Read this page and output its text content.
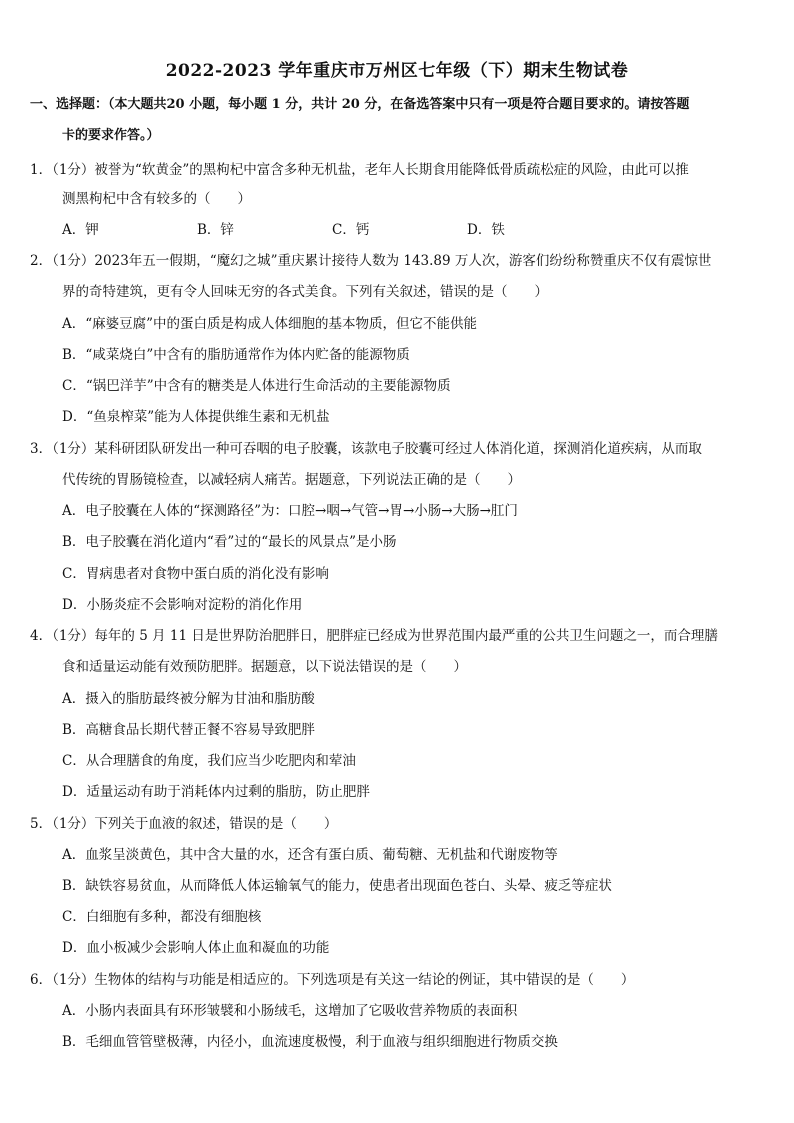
2022-2023 学年重庆市万州区七年级（下）期末生物试卷
一、选择题：（本大题共20 小题，每小题 1 分，共计 20 分，在备选答案中只有一项是符合题目要求的。请按答题
卡的要求作答。）
1．（1分）被誉为“软黄金”的黑枸杞中富含多种无机盐，老年人长期食用能降低骨质疏松症的风险，由此可以推
测黑枸杞中含有较多的（　　）
A．钾	B．锌	C．钙	D．铁
2．（1分）2023年五一假期，“魔幻之城”重庆累计接待人数为 143.89 万人次，游客们纷纷称赞重庆不仅有震惊世
界的奇特建筑，更有令人回味无穷的各式美食。下列有关叙述，错误的是（　　）
A．“麻婆豆腐”中的蛋白质是构成人体细胞的基本物质，但它不能供能
B．“咸菜烧白”中含有的脂肪通常作为体内贮备的能源物质
C．“锅巴洋芋”中含有的糖类是人体进行生命活动的主要能源物质
D．“鱼泉榨菜”能为人体提供维生素和无机盐
3．（1分）某科研团队研发出一种可吞咽的电子胶囊，该款电子胶囊可经过人体消化道，探测消化道疾病，从而取
代传统的胃肠镜检查，以减轻病人痛苦。据题意，下列说法正确的是（　　）
A．电子胶囊在人体的“探测路径”为：口腔→咽→气管→胃→小肠→大肠→肛门
B．电子胶囊在消化道内“看”过的“最长的风景点”是小肠
C．胃病患者对食物中蛋白质的消化没有影响
D．小肠炎症不会影响对淀粉的消化作用
4．（1分）每年的 5 月 11 日是世界防治肥胖日，肥胖症已经成为世界范围内最严重的公共卫生问题之一，而合理膳
食和适量运动能有效预防肥胖。据题意，以下说法错误的是（　　）
A．摄入的脂肪最终被分解为甘油和脂肪酸
B．高糖食品长期代替正餐不容易导致肥胖
C．从合理膳食的角度，我们应当少吃肥肉和荤油
D．适量运动有助于消耗体内过剩的脂肪，防止肥胖
5．（1分）下列关于血液的叙述，错误的是（　　）
A．血浆呈淡黄色，其中含大量的水，还含有蛋白质、葡萄糖、无机盐和代谢废物等
B．缺铁容易贫血，从而降低人体运输氧气的能力，使患者出现面色苍白、头晕、疲乏等症状
C．白细胞有多种，都没有细胞核
D．血小板减少会影响人体止血和凝血的功能
6．（1分）生物体的结构与功能是相适应的。下列选项是有关这一结论的例证，其中错误的是（　　）
A．小肠内表面具有环形皱襞和小肠绒毛，这增加了它吸收营养物质的表面积
B．毛细血管管壁极薄，内径小，血流速度极慢，利于血液与组织细胞进行物质交换
